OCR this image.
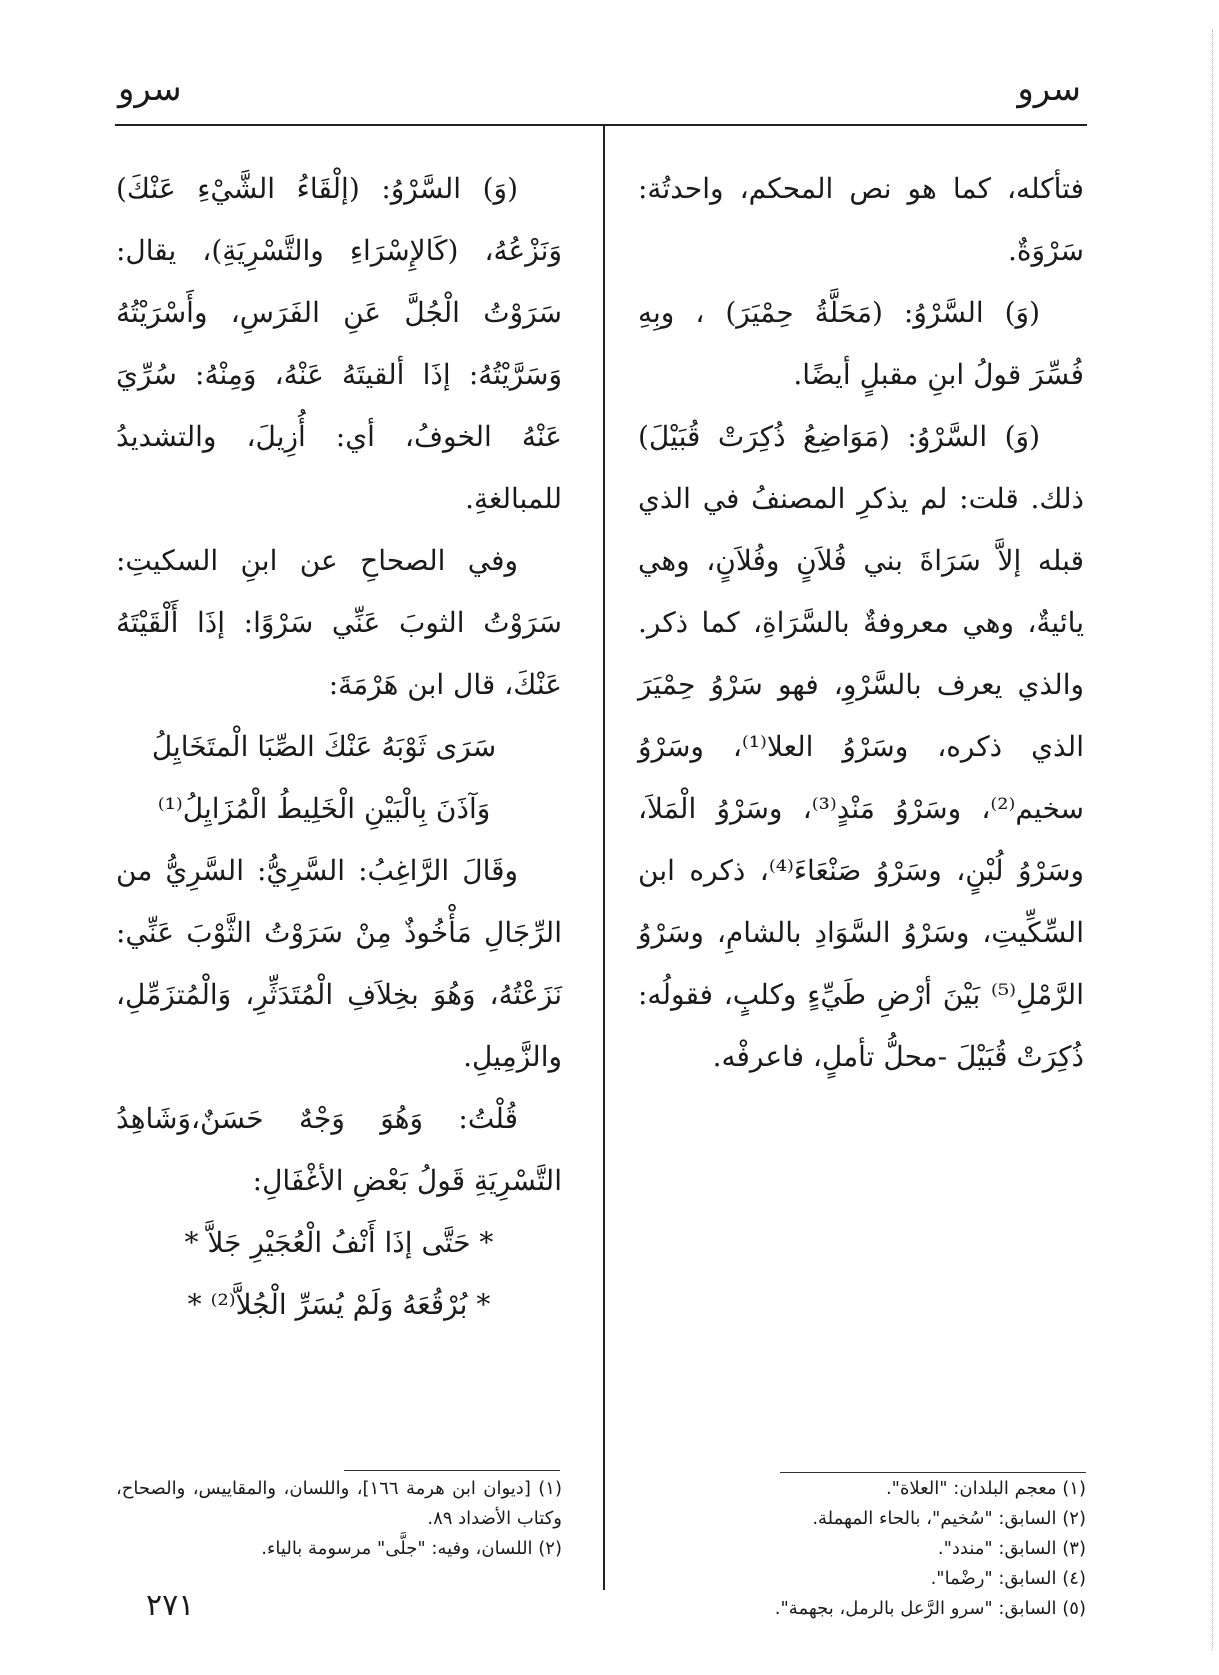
سرو
سرو

فتأكله، كما هو نص المحكم، واحدتُة: سَرْوَةٌ.

(وَ) السَّرْوُ: (مَحَلَّةُ حِمْيَرَ) ، وبِهِ فُسِّرَ قولُ ابنِ مقبلٍ أيضًا.

(وَ) السَّرْوُ: (مَوَاضِعُ ذُكِرَتْ قُبَيْلَ) ذلك. قلت: لم يذكرِ المصنفُ في الذي قبله إلاَّ سَرَاةَ بني فُلاَنٍ وفُلاَنٍ، وهي يائيةٌ، وهي معروفةٌ بالسَّرَاةِ، كما ذكر. والذي يعرف بالسَّرْوِ، فهو سَرْوُ حِمْيَرَ الذي ذكره، وسَرْوُ العلا⁽¹⁾، وسَرْوُ سخيم⁽²⁾، وسَرْوُ مَنْدٍ⁽³⁾، وسَرْوُ الْمَلاَ، وسَرْوُ لُبْنٍ، وسَرْوُ صَنْعَاءَ⁽⁴⁾، ذكره ابن السِّكِّيتِ، وسَرْوُ السَّوَادِ بالشامِ، وسَرْوُ الرَّمْلِ⁽⁵⁾ بَيْنَ أرْضِ طَيِّءٍ وكلبٍ، فقولُه: ذُكِرَتْ قُبَيْلَ -محلُّ تأملٍ، فاعرفْه.

(وَ) السَّرْوُ: (إلْقَاءُ الشَّيْءِ عَنْكَ) وَنَزْعُهُ، (كَالإِسْرَاءِ والتَّسْرِيَةِ)، يقال: سَرَوْتُ الْجُلَّ عَنِ الفَرَسِ، وأَسْرَيْتُهُ وَسَرَّيْتُهُ: إذَا ألقيتَهُ عَنْهُ، وَمِنْهُ: سُرِّيَ عَنْهُ الخوفُ، أي: أُزِيلَ، والتشديدُ للمبالغةِ.

وفي الصحاحِ عن ابنِ السكيتِ: سَرَوْتُ الثوبَ عَنِّي سَرْوًا: إذَا أَلْقَيْتَهُ عَنْكَ، قال ابن هَرْمَةَ:

سَرَى ثَوْبَهُ عَنْكَ الصِّبَا الْمتَخَايِلُ

وَآذَنَ بِالْبَيْنِ الْخَلِيطُ الْمُزَايِلُ⁽¹⁾

وقَالَ الرَّاغِبُ: السَّرِيُّ: السَّرِيُّ من الرِّجَالِ مَأْخُوذٌ مِنْ سَرَوْتُ الثَّوْبَ عَنِّي: نَزَعْتُهُ، وَهُوَ بخِلاَفِ الْمُتَدَثِّرِ، وَالْمُتزَمِّلِ، والزَّمِيلِ.

قُلْتُ: وَهُوَ وَجْهٌ حَسَنٌ،وَشَاهِدُ التَّسْرِيَةِ قَولُ بَعْضِ الأغْفَالِ:

* حَتَّى إذَا أَنْفُ الْعُجَيْرِ جَلاَّ *

* بُرْقُعَهُ وَلَمْ يُسَرِّ الْجُلاَّ⁽²⁾ *

(١) معجم البلدان: "العلاة".
(٢) السابق: "سُخيم"، بالحاء المهملة.
(٣) السابق: "مندد".
(٤) السابق: "رضْما".
(٥) السابق: "سرو الرَّعل بالرمل، بجهمة".
(١) [ديوان ابن هرمة ١٦٦]، واللسان، والمقاييس، والصحاح، وكتاب الأضداد ٨٩.
(٢) اللسان، وفيه: "جلَّى" مرسومة بالياء.
٢٧١
